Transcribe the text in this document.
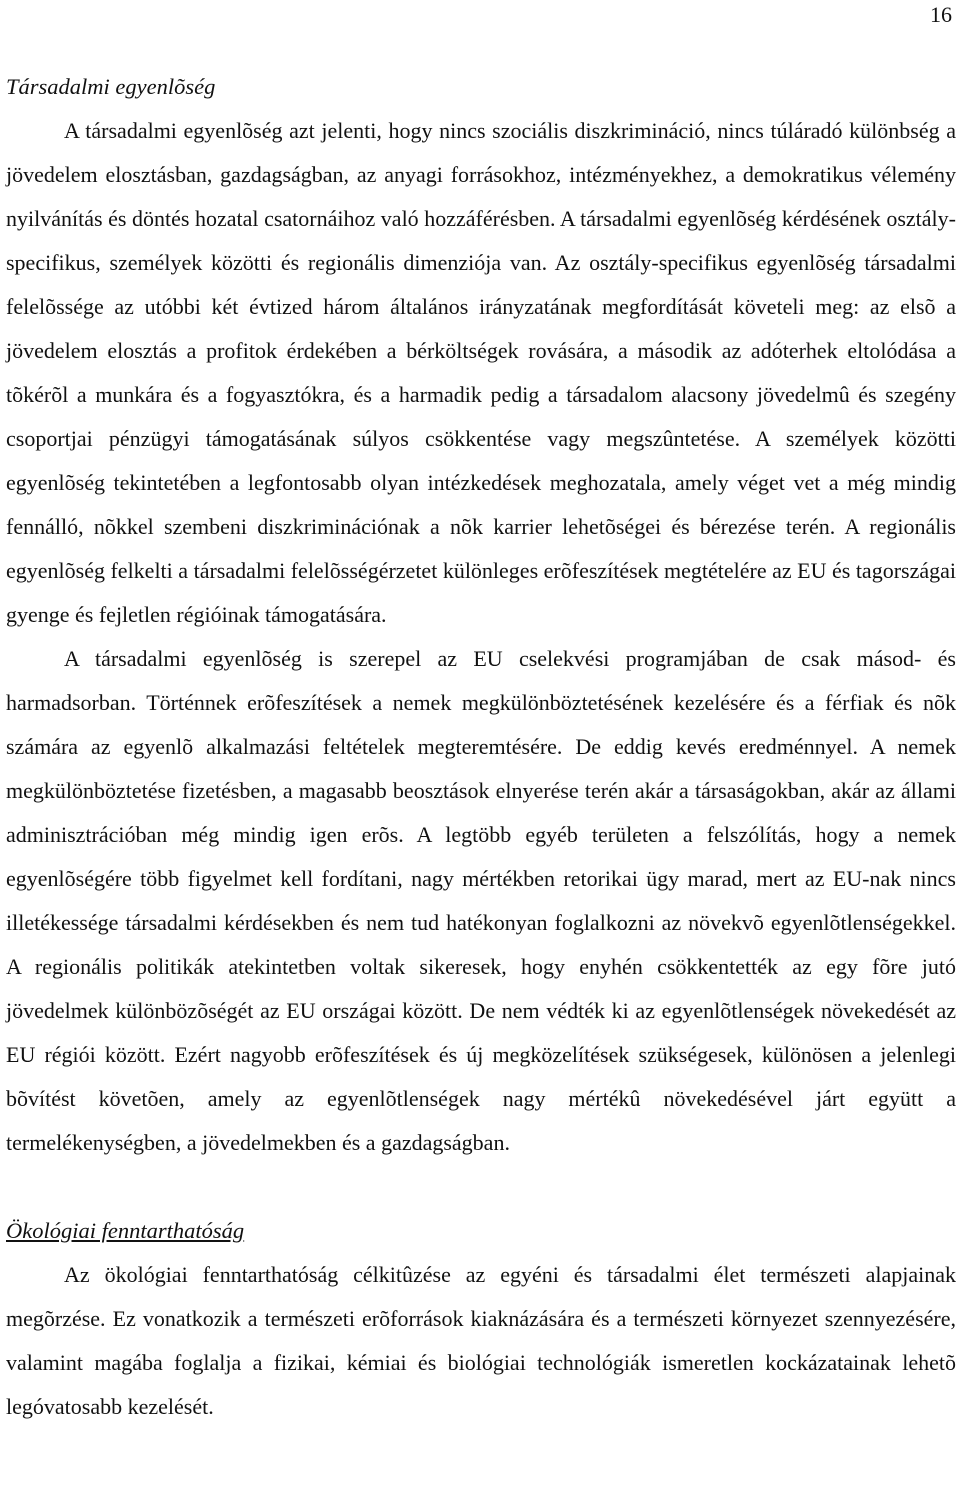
16
Társadalmi egyenlõség

A társadalmi egyenlõség azt jelenti, hogy nincs szociális diszkrimináció, nincs túláradó különbség a jövedelem elosztásban, gazdagságban, az anyagi forrásokhoz, intézményekhez, a demokratikus vélemény nyilvánítás és döntés hozatal csatornáihoz való hozzáférésben. A társadalmi egyenlõség kérdésének osztály-specifikus, személyek közötti és regionális dimenziója van. Az osztály-specifikus egyenlõség társadalmi felelõssége az utóbbi két évtized három általános irányzatának megfordítását követeli meg: az elsõ a jövedelem elosztás a profitok érdekében a bérköltségek rovására, a második az adóterhek eltolódása a tõkérõl a munkára és a fogyasztókra, és a harmadik pedig a társadalom alacsony jövedelmû és szegény csoportjai pénzügyi támogatásának súlyos csökkentése vagy megszûntetése. A személyek közötti egyenlõség tekintetében a legfontosabb olyan intézkedések meghozatala, amely véget vet a még mindig fennálló, nõkkel szembeni diszkriminációnak a nõk karrier lehetõségei és bérezése terén. A regionális egyenlõség felkelti a társadalmi felelõsségérzetet különleges erõfeszítések megtételére az EU és tagországai gyenge és fejletlen régióinak támogatására.

A társadalmi egyenlõség is szerepel az EU cselekvési programjában de csak másod- és harmadsorban. Történnek erõfeszítések a nemek megkülönböztetésének kezelésére és a férfiak és nõk számára az egyenlõ alkalmazási feltételek megteremtésére. De eddig kevés eredménnyel. A nemek megkülönböztetése fizetésben, a magasabb beosztások elnyerése terén akár a társaságokban, akár az állami adminisztrációban még mindig igen erõs. A legtöbb egyéb területen a felszólítás, hogy a nemek egyenlõségére több figyelmet kell fordítani, nagy mértékben retorikai ügy marad, mert az EU-nak nincs illetékessége társadalmi kérdésekben és nem tud hatékonyan foglalkozni az növekvõ egyenlõtlenségekkel. A regionális politikák atekintetben voltak sikeresek, hogy enyhén csökkentették az egy fõre jutó jövedelmek különbözõségét az EU országai között. De nem védték ki az egyenlõtlenségek növekedését az EU régiói között. Ezért nagyobb erõfeszítések és új megközelítések szükségesek, különösen a jelenlegi bõvítést követõen, amely az egyenlõtlenségek nagy mértékû növekedésével járt együtt a termelékenységben, a jövedelmekben és a gazdagságban.

Ökológiai fenntarthatóság

Az ökológiai fenntarthatóság célkitûzése az egyéni és társadalmi élet természeti alapjainak megõrzése. Ez vonatkozik a természeti erõforrások kiaknázására és a természeti környezet szennyezésére, valamint magába foglalja a fizikai, kémiai és biológiai technológiák ismeretlen kockázatainak lehetõ legóvatosabb kezelését.
